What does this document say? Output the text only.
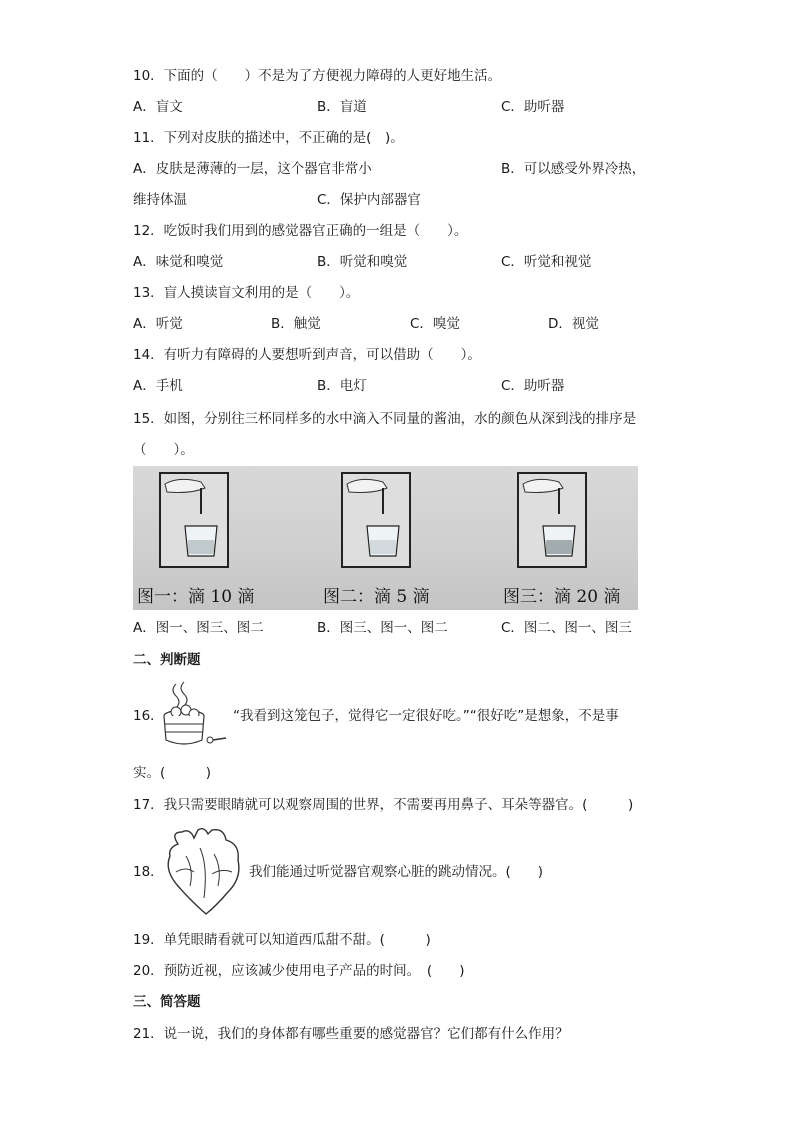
10．下面的（　　）不是为了方便视力障碍的人更好地生活。
A．盲文	B．盲道	C．助听器
11．下列对皮肤的描述中，不正确的是(　)。
A．皮肤是薄薄的一层，这个器官非常小	B．可以感受外界冷热，
维持体温	C．保护内部器官
12．吃饭时我们用到的感觉器官正确的一组是（　　）。
A．味觉和嗅觉	B．听觉和嗅觉	C．听觉和视觉
13．盲人摸读盲文利用的是（　　）。
A．听觉	B．触觉	C．嗅觉	D．视觉
14．有听力有障碍的人要想听到声音，可以借助（　　）。
A．手机	B．电灯	C．助听器
15．如图，分别往三杯同样多的水中滴入不同量的酱油，水的颜色从深到浅的排序是
（　　）。
图一：滴 10 滴	图二：滴 5 滴	图三：滴 20 滴
A．图一、图三、图二	B．图三、图一、图二	C．图二、图一、图三
二、判断题
16．	“我看到这笼包子，觉得它一定很好吃。”“很好吃”是想象，不是事
实。(　　　)
17．我只需要眼睛就可以观察周围的世界，不需要再用鼻子、耳朵等器官。(　　　)
18．	我们能通过听觉器官观察心脏的跳动情况。(　　)
19．单凭眼睛看就可以知道西瓜甜不甜。(　　　)
20．预防近视，应该减少使用电子产品的时间。　(　　)
三、简答题
21．说一说，我们的身体都有哪些重要的感觉器官？它们都有什么作用？
